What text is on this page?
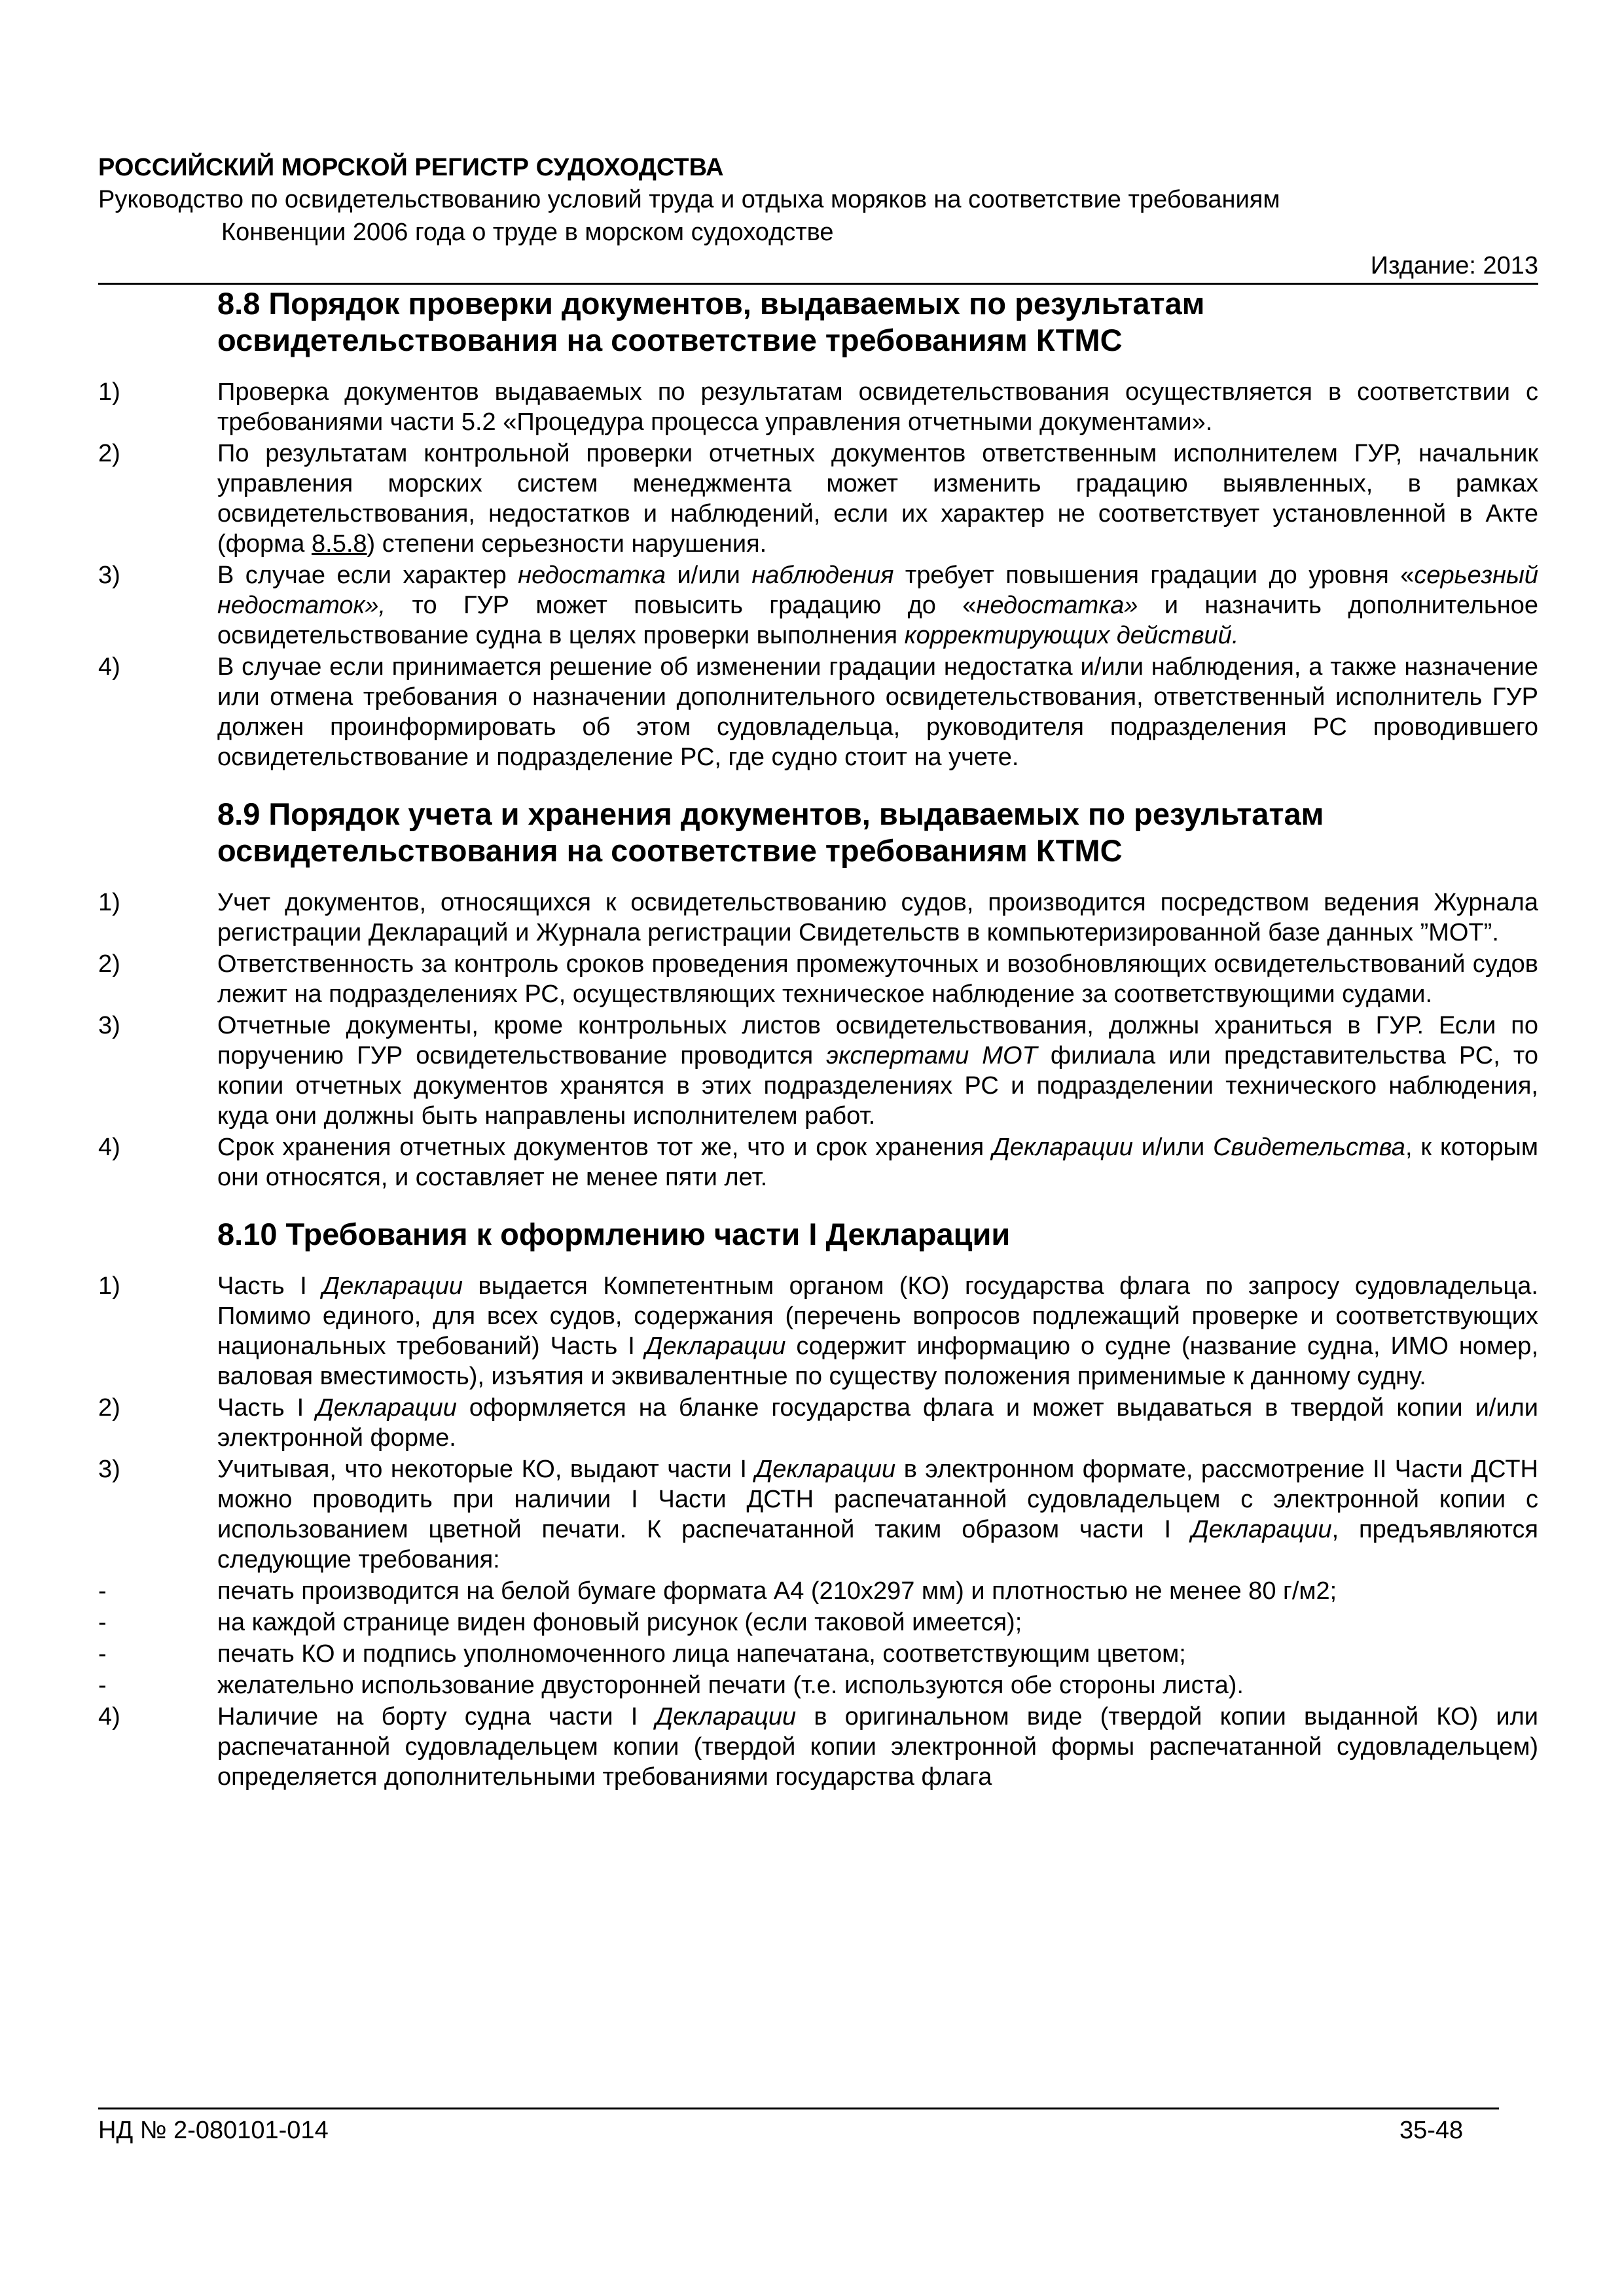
РОССИЙСКИЙ МОРСКОЙ РЕГИСТР СУДОХОДСТВА
Руководство по освидетельствованию условий труда и отдыха моряков на соответствие требованиям
Конвенции 2006 года о труде в морском судоходстве
Издание: 2013
8.8 Порядок проверки документов, выдаваемых по результатам
освидетельствования на соответствие требованиям КТМС
1)	Проверка документов выдаваемых по результатам освидетельствования осуществляется в соответствии с требованиями части 5.2 «Процедура процесса управления отчетными документами».
2)	По результатам контрольной проверки отчетных документов ответственным исполнителем ГУР, начальник управления морских систем менеджмента может изменить градацию выявленных, в рамках освидетельствования, недостатков и наблюдений, если их характер не соответствует установленной в Акте (форма 8.5.8) степени серьезности нарушения.
3)	В случае если характер недостатка и/или наблюдения требует повышения градации до уровня «серьезный недостаток», то ГУР может повысить градацию до «недостатка» и назначить дополнительное освидетельствование судна в целях проверки выполнения корректирующих действий.
4)	В случае если принимается решение об изменении градации недостатка и/или наблюдения, а также назначение или отмена требования о назначении дополнительного освидетельствования, ответственный исполнитель ГУР должен проинформировать об этом судовладельца, руководителя подразделения РС проводившего освидетельствование и подразделение РС, где судно стоит на учете.
8.9 Порядок учета и хранения документов, выдаваемых по результатам
освидетельствования на соответствие требованиям КТМС
1)	Учет документов, относящихся к освидетельствованию судов, производится посредством ведения Журнала регистрации Деклараций и Журнала регистрации Свидетельств в компьютеризированной базе данных ”МОТ”.
2)	Ответственность за контроль сроков проведения промежуточных и возобновляющих освидетельствований судов лежит на подразделениях РС, осуществляющих техническое наблюдение за соответствующими судами.
3)	Отчетные документы, кроме контрольных листов освидетельствования, должны храниться в ГУР. Если по поручению ГУР освидетельствование проводится экспертами МОТ филиала или представительства РС, то копии отчетных документов хранятся в этих подразделениях РС и подразделении технического наблюдения, куда они должны быть направлены исполнителем работ.
4)	Срок хранения отчетных документов тот же, что и срок хранения Декларации и/или Свидетельства, к которым они относятся, и составляет не менее пяти лет.
8.10 Требования к оформлению части I Декларации
1)	Часть I Декларации выдается Компетентным органом (КО) государства флага по запросу судовладельца. Помимо единого, для всех судов, содержания (перечень вопросов подлежащий проверке и соответствующих национальных требований) Часть I Декларации содержит информацию о судне (название судна, ИМО номер, валовая вместимость), изъятия и эквивалентные по существу положения применимые к данному судну.
2)	Часть I Декларации оформляется на бланке государства флага и может выдаваться в твердой копии и/или электронной форме.
3)	Учитывая, что некоторые КО, выдают части I Декларации в электронном формате, рассмотрение II Части ДСТН можно проводить при наличии I Части ДСТН распечатанной судовладельцем с электронной копии с использованием цветной печати. К распечатанной таким образом части I Декларации, предъявляются следующие требования:
-	печать производится на белой бумаге формата А4 (210х297 мм) и плотностью не менее 80 г/м2;
-	на каждой странице виден фоновый рисунок (если таковой имеется);
-	печать КО и подпись уполномоченного лица напечатана, соответствующим цветом;
-	желательно использование двусторонней печати (т.е. используются обе стороны листа).
4)	Наличие на борту судна части I Декларации в оригинальном виде (твердой копии выданной КО) или распечатанной судовладельцем копии (твердой копии электронной формы распечатанной судовладельцем) определяется дополнительными требованиями государства флага
НД № 2-080101-014	35-48
